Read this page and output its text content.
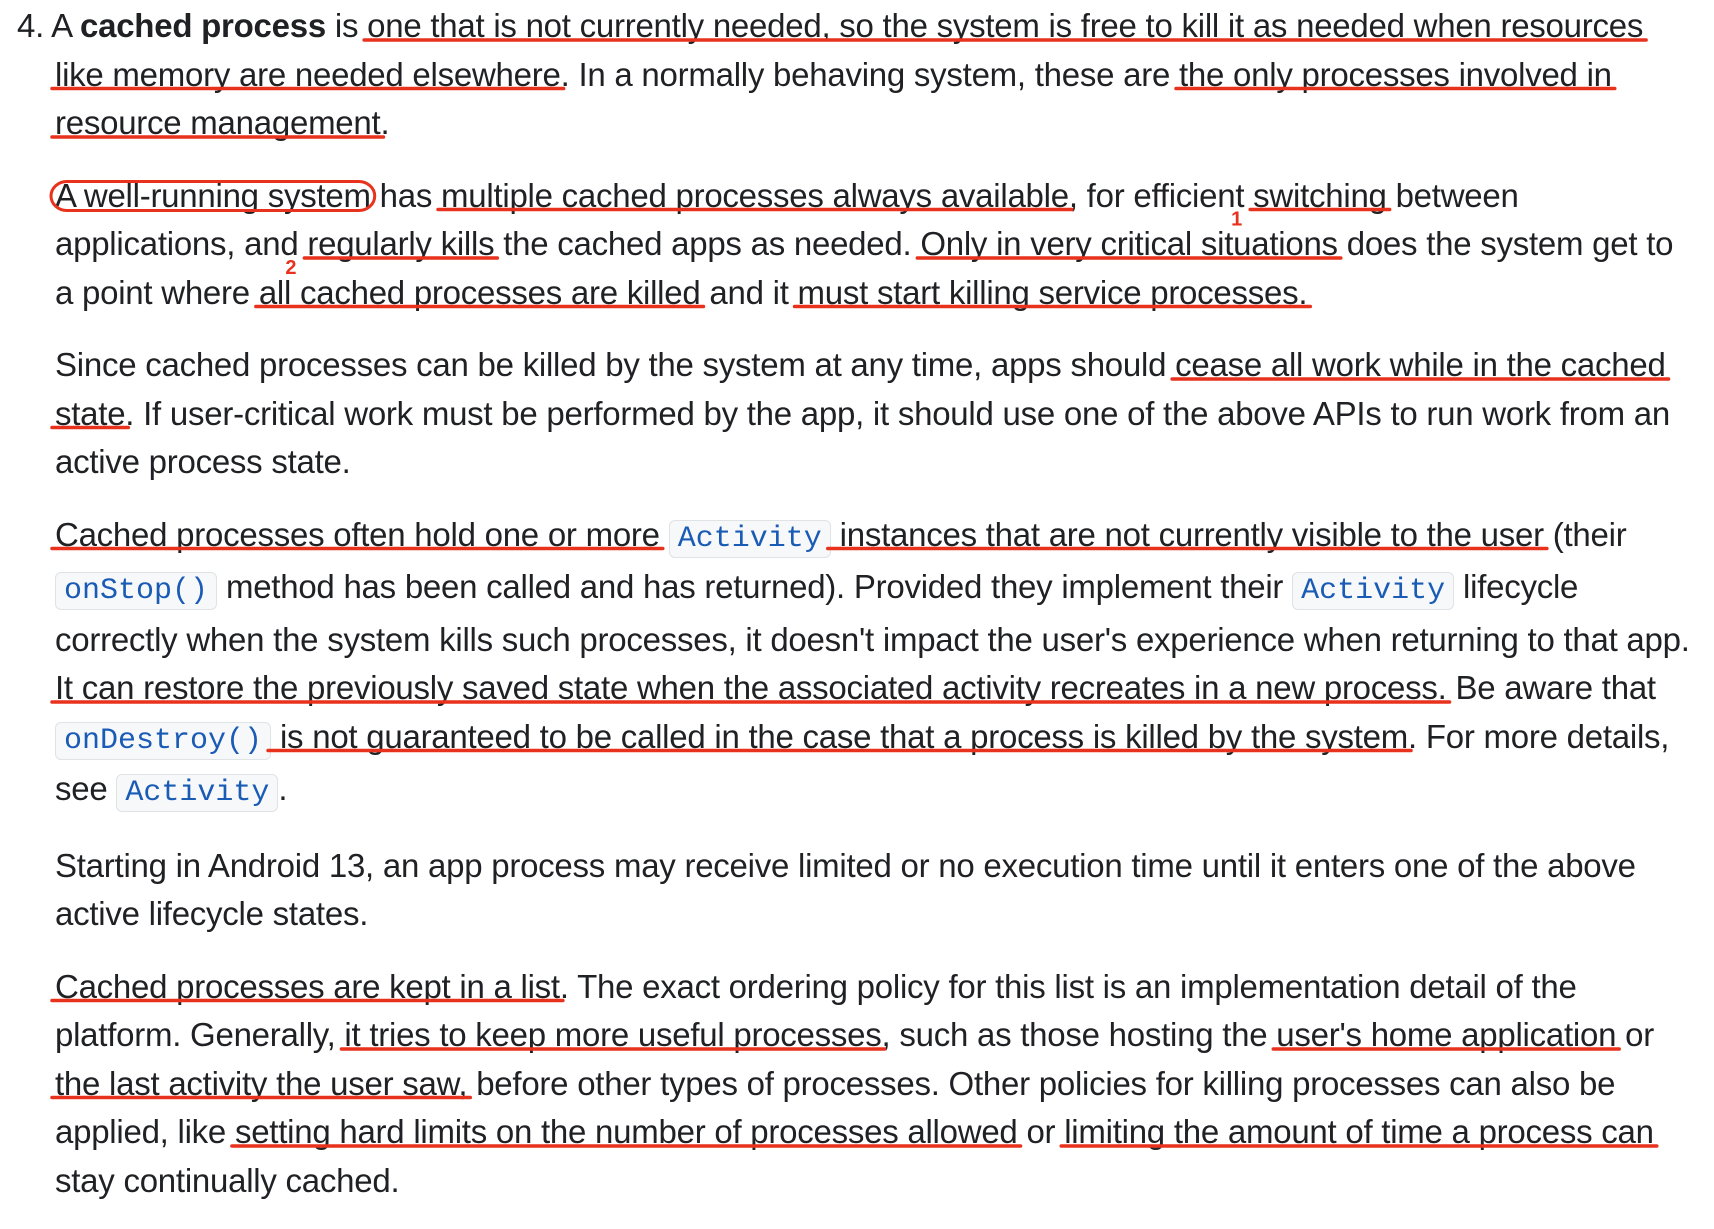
4. A cached process is one that is not currently needed, so the system is free to kill it as needed when resources like memory are needed elsewhere. In a normally behaving system, these are the only processes involved in resource management.

A well-running system has multiple cached processes always available, for efficient switching between applications, and regularly kills the cached apps as needed. Only in very critical situations does the system get to a point where all cached processes are killed and it must start killing service processes.

Since cached processes can be killed by the system at any time, apps should cease all work while in the cached state. If user-critical work must be performed by the app, it should use one of the above APIs to run work from an active process state.

Cached processes often hold one or more Activity instances that are not currently visible to the user (their onStop() method has been called and has returned). Provided they implement their Activity lifecycle correctly when the system kills such processes, it doesn't impact the user's experience when returning to that app. It can restore the previously saved state when the associated activity recreates in a new process. Be aware that onDestroy() is not guaranteed to be called in the case that a process is killed by the system. For more details, see Activity .

Starting in Android 13, an app process may receive limited or no execution time until it enters one of the above active lifecycle states.

Cached processes are kept in a list. The exact ordering policy for this list is an implementation detail of the platform. Generally, it tries to keep more useful processes, such as those hosting the user's home application or the last activity the user saw, before other types of processes. Other policies for killing processes can also be applied, like setting hard limits on the number of processes allowed or limiting the amount of time a process can stay continually cached.

1
2
